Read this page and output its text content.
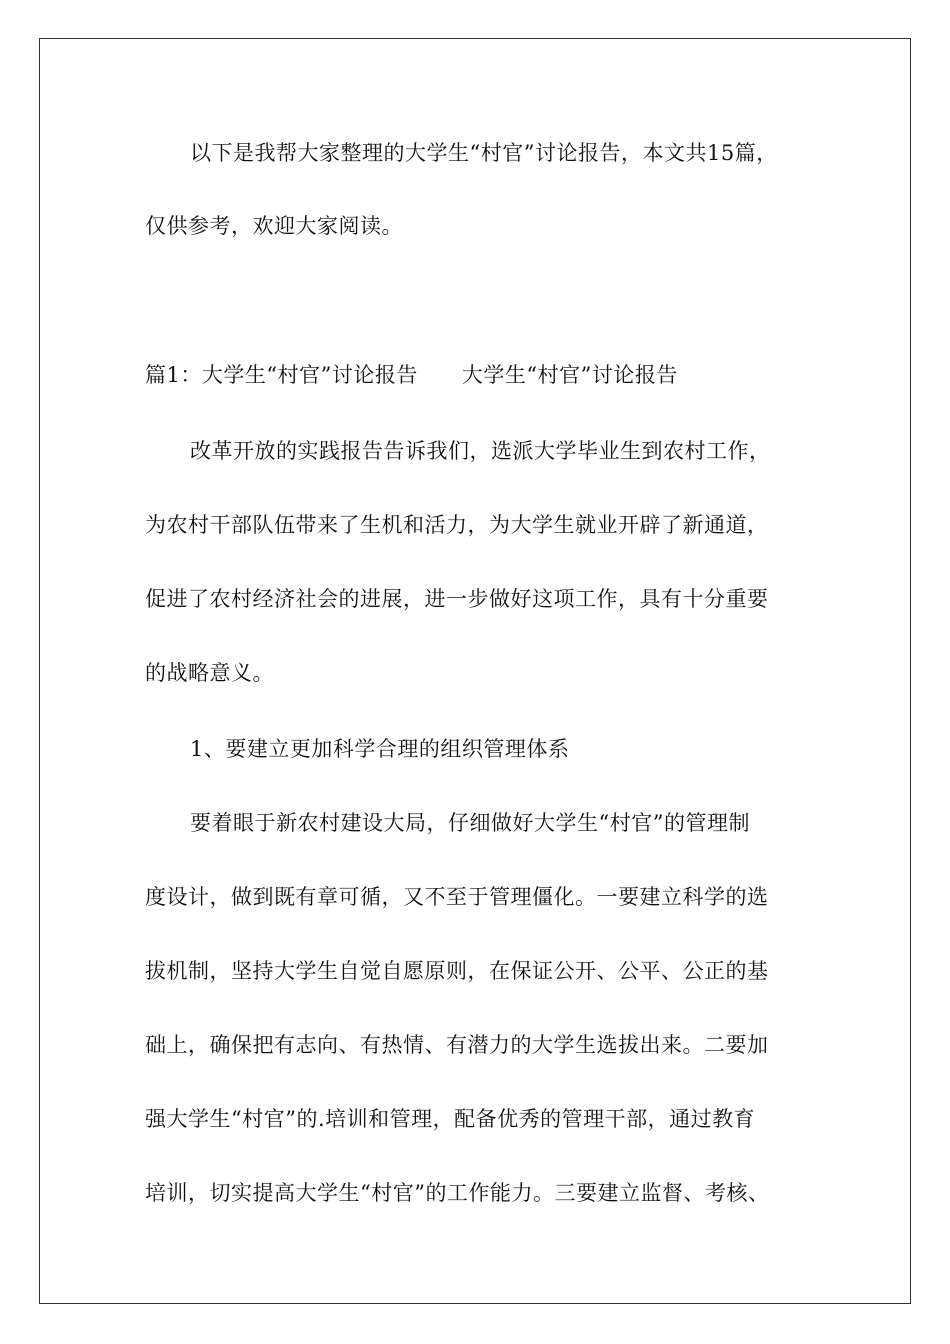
以下是我帮大家整理的大学生“村官”讨论报告，本文共15篇，
仅供参考，欢迎大家阅读。
篇1：大学生“村官”讨论报告 大学生“村官”讨论报告
改革开放的实践报告告诉我们，选派大学毕业生到农村工作，
为农村干部队伍带来了生机和活力，为大学生就业开辟了新通道，
促进了农村经济社会的进展，进一步做好这项工作，具有十分重要
的战略意义。
1、要建立更加科学合理的组织管理体系
要着眼于新农村建设大局，仔细做好大学生“村官”的管理制
度设计，做到既有章可循，又不至于管理僵化。一要建立科学的选
拔机制，坚持大学生自觉自愿原则，在保证公开、公平、公正的基
础上，确保把有志向、有热情、有潜力的大学生选拔出来。二要加
强大学生“村官”的.培训和管理，配备优秀的管理干部，通过教育
培训，切实提高大学生“村官”的工作能力。三要建立监督、考核、
